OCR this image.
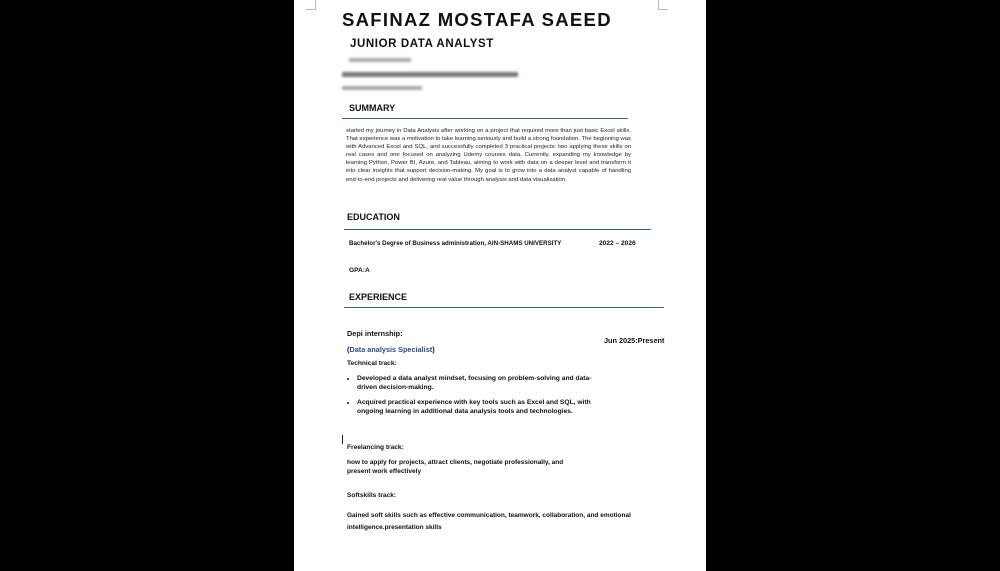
SAFINAZ MOSTAFA SAEED
JUNIOR DATA ANALYST
SUMMARY
started my journey in Data Analysis after working on a project that required more than just basic Excel skills. That experience was a motivation to take learning seriously and build a strong foundation. The beginning was with Advanced Excel and SQL, and successfully completed 3 practical projects: two applying these skills on real cases and one focused on analyzing Udemy courses data. Currently, expanding my knowledge by learning Python, Power BI, Azure, and Tableau, aiming to work with data on a deeper level and transform it into clear insights that support decision-making. My goal is to grow into a data analyst capable of handling end-to-end projects and delivering real value through analysis and data visualization.
EDUCATION
Bachelor's Degree of Business administration, AIN-SHAMS UNIVERSITY	2022 – 2026
GPA:A
EXPERIENCE
Depi internship:
Jun 2025:Present
(Data analysis Specialist)
Technical track:
• Developed a data analyst mindset, focusing on problem-solving and data-driven decision-making.
• Acquired practical experience with key tools such as Excel and SQL, with ongoing learning in additional data analysis tools and technologies.
Freelancing track:
how to apply for projects, attract clients, negotiate professionally, and present work effectively
Softskills track:
Gained soft skills such as effective communication, teamwork, collaboration, and emotional intelligence.presentation skills
